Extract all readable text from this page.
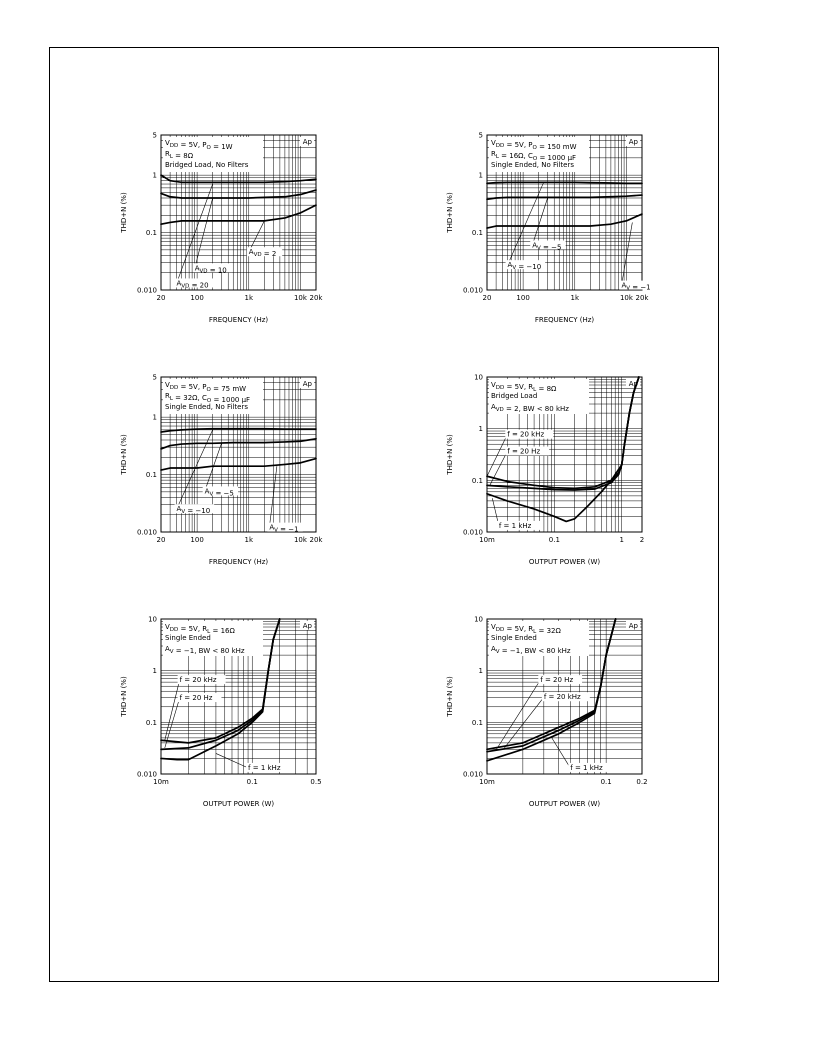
20	100	1k	10k 20k
0.010
0.1
1
5
FREQUENCY (Hz)
THD+N (%)
$V_{DD} = 5V$, $P_O = 1W$
$R_L = 8\Omega$
Bridged Load, No Filters
Ap
$A_{VD} = 20$
$A_{VD} = 10$
$A_{VD} = 2$
20	100	1k	10k 20k
0.010
0.1
1
5
FREQUENCY (Hz)
THD+N (%)
$V_{DD} = 5V$, $P_O = 150$ mW
$R_L = 16\Omega$, $C_O = 1000$ μF
Single Ended, No Filters
Ap
$A_V = -10$
$A_V = -5$
$A_V = -1$
20	100	1k	10k 20k
0.010
0.1
1
5
FREQUENCY (Hz)
THD+N (%)
$V_{DD} = 5V$, $P_O = 75$ mW
$R_L = 32\Omega$, $C_O = 1000$ μF
Single Ended, No Filters
Ap
$A_V = -10$
$A_V = -5$
$A_V = -1$
10m	0.1	1 2
0.010
0.1
1
10
OUTPUT POWER (W)
THD+N (%)
$V_{DD} = 5V$, $R_L = 8\Omega$
Bridged Load
$A_{VD} = 2$, BW < 80 kHz
Ap
f = 20 kHz
f = 20 Hz
f = 1 kHz
10m	0.1	0.5
0.010
0.1
1
10
OUTPUT POWER (W)
THD+N (%)
$V_{DD} = 5V$, $R_L = 16\Omega$
Single Ended
$A_V = -1$, BW < 80 kHz
Ap
f = 20 kHz
f = 20 Hz
f = 1 kHz
10m	0.1	0.2
0.010
0.1
1
10
OUTPUT POWER (W)
THD+N (%)
$V_{DD} = 5V$, $R_L = 32\Omega$
Single Ended
$A_V = -1$, BW < 80 kHz
Ap
f = 20 Hz
f = 20 kHz
f = 1 kHz
